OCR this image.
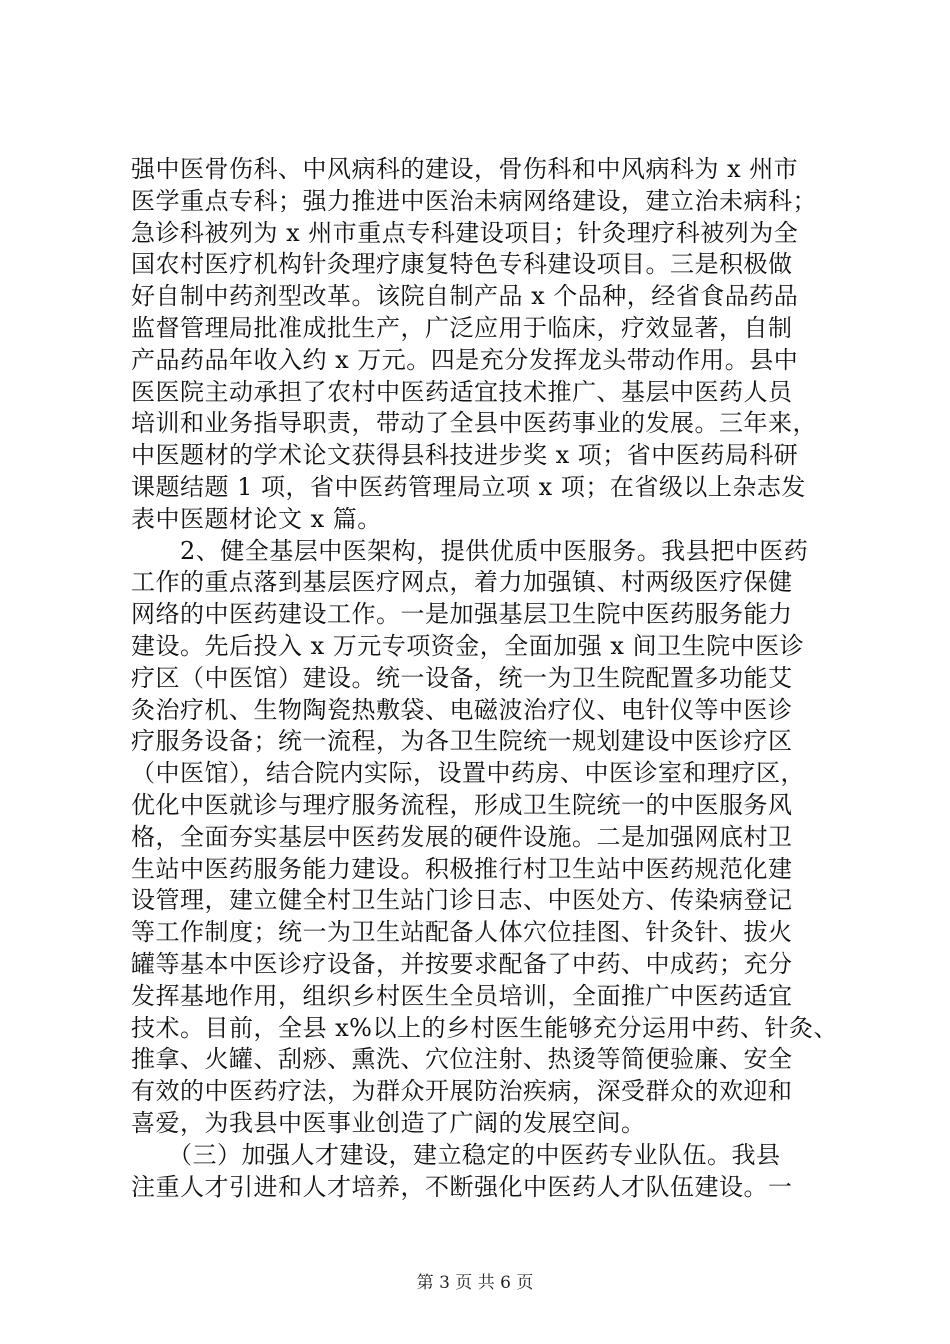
强中医骨伤科、中风病科的建设，骨伤科和中风病科为 x 州市
医学重点专科；强力推进中医治未病网络建设，建立治未病科；
急诊科被列为 x 州市重点专科建设项目；针灸理疗科被列为全
国农村医疗机构针灸理疗康复特色专科建设项目。三是积极做
好自制中药剂型改革。该院自制产品 x 个品种，经省食品药品
监督管理局批准成批生产，广泛应用于临床，疗效显著，自制
产品药品年收入约 x 万元。四是充分发挥龙头带动作用。县中
医医院主动承担了农村中医药适宜技术推广、基层中医药人员
培训和业务指导职责，带动了全县中医药事业的发展。三年来，
中医题材的学术论文获得县科技进步奖 x 项；省中医药局科研
课题结题 1 项，省中医药管理局立项 x 项；在省级以上杂志发
表中医题材论文 x 篇。
　　2、健全基层中医架构，提供优质中医服务。我县把中医药
工作的重点落到基层医疗网点，着力加强镇、村两级医疗保健
网络的中医药建设工作。一是加强基层卫生院中医药服务能力
建设。先后投入 x 万元专项资金，全面加强 x 间卫生院中医诊
疗区（中医馆）建设。统一设备，统一为卫生院配置多功能艾
灸治疗机、生物陶瓷热敷袋、电磁波治疗仪、电针仪等中医诊
疗服务设备；统一流程，为各卫生院统一规划建设中医诊疗区
（中医馆），结合院内实际，设置中药房、中医诊室和理疗区，
优化中医就诊与理疗服务流程，形成卫生院统一的中医服务风
格，全面夯实基层中医药发展的硬件设施。二是加强网底村卫
生站中医药服务能力建设。积极推行村卫生站中医药规范化建
设管理，建立健全村卫生站门诊日志、中医处方、传染病登记
等工作制度；统一为卫生站配备人体穴位挂图、针灸针、拔火
罐等基本中医诊疗设备，并按要求配备了中药、中成药；充分
发挥基地作用，组织乡村医生全员培训，全面推广中医药适宜
技术。目前，全县 x%以上的乡村医生能够充分运用中药、针灸、
推拿、火罐、刮痧、熏洗、穴位注射、热烫等简便验廉、安全
有效的中医药疗法，为群众开展防治疾病，深受群众的欢迎和
喜爱，为我县中医事业创造了广阔的发展空间。
　　（三）加强人才建设，建立稳定的中医药专业队伍。我县
注重人才引进和人才培养，不断强化中医药人才队伍建设。一
第 3 页 共 6 页
